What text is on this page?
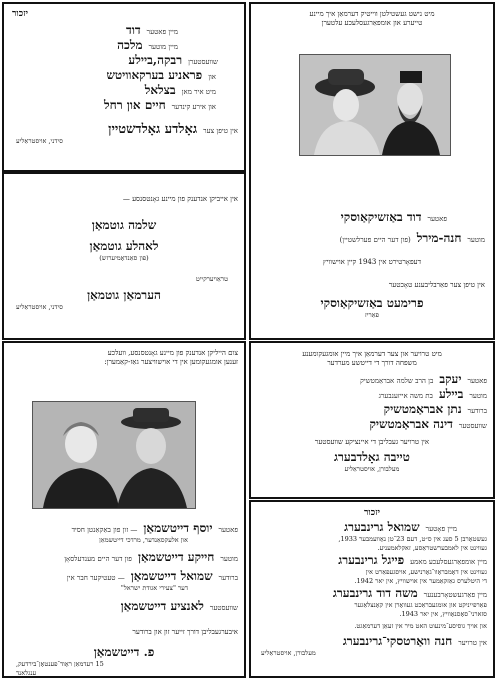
יזכור
מיין פאטער
דוד
מיין מוטער
מלכה
שוועסטערן
רבקה,ביילע
און
פראניע בערקאוויטש
מיט איר מאן
בצלאל
און אירע קינדער
חיים און רחל
אין טיפן צער
גאָלדע גאָלדשטיין
סידני, אויסטראַליע
אין אייביקן אנדענק פון מיינע גאָנטסנסע —
שלמה גוטמאַן
לאהלע גוטמאַן
(פון סאַנדאָמיערזש)
טראַויערקייט
הערמאַן גוטמאַן
סידני, אויסטראַליע
מיט נישט געשטילטן ווייטיק דערמאַן איך מיינע
טייערע און אומפאַרגעסלעכע עלטערן
פאטער
דוד באַזשיקאַוסקי
מוטער
חנה-מירל
(פון דער היים פערלשטיין)
דעפאָרטירט אין 1943 קיין אוישוויץ
אין טיפן צער פאַרבליבענע טאָכטער
פרימעט באַזשיקאַוסקי
פאַריז
צום הייליקן אנדענק פון מיינע גאָנטסנסע, וועלכע
זענען אומגעקומען אין די אוישוויצער גאַז-קאַמערן:
פאטער
יוסף דייטשמאַן
— זון פון באַקאַנטן חסיד
און אלעקסאַנדער, מרדכי דייטשמאַן
מוטער
חייקע דייטשמאַן
פון דער היים מענדעלסאָן
ברודער
שמואל דייטשמאַן
— טעטיקער חבר אין
דער "צעירי אגודת ישראל"
שוועסטער
לאנציע דייטשמאַן
איבערגעבליבן דורך זייער זון און ברודער
פ. דייטשמאַן
15 רעדמאַן ראָוד־פענטאָן־בירדעק,
ענגלאנד
מיט טרויער און צער דערמאַן איך מיין אומגעקומענע
משפחה דורך די דייטשע מערדער
פאטער
יעקב
בן הרב שלמה אבראַמטשיק
מוטער
ביילע
בת משה אייזענבערג
ברודער
נתן אבראַמטשיק
שוועסטער
דינה אבראַמטשיק
אין טרויער געבליבן די איינציקע שוועסטער
טייבה גאָלדבערג
מעלבורן, אויסטראַליע
יזכור
מיין פאָטער
שמואל גרינבערג
געשטאָרבן 5 סעג אין ס״ט, דעם 23־טן נאָוועמבער 1933,
געווינט אין לאמבערשטראַסע, זאקלאמעניע.
מיין אומפאַרגעסלעכע מאמע
פייגל גרינבערג
געווינט אין דאָמבראָוו־גאָרנישע, אויסגעפאַרט אין
די היטלערס גאַזקאַמער אין אוישוויץ, אין יאר 1942.
מיין פאַרגעשטאָרבענער
משה דוד גרינבערג
פאַרפייניקט און אומגעבראַכט געוואָרן אין קאָנצלאַגער
סזארני־סאָסנאָוויץ, אין יאר 1943.
און אויך גוסיסע־מינעוט האט מיר אין זעאַן דערמאַגט.
אין טרויער
חנה וואַרטסקי־גרינבערג
מעלבורן, אויסטראַליע
